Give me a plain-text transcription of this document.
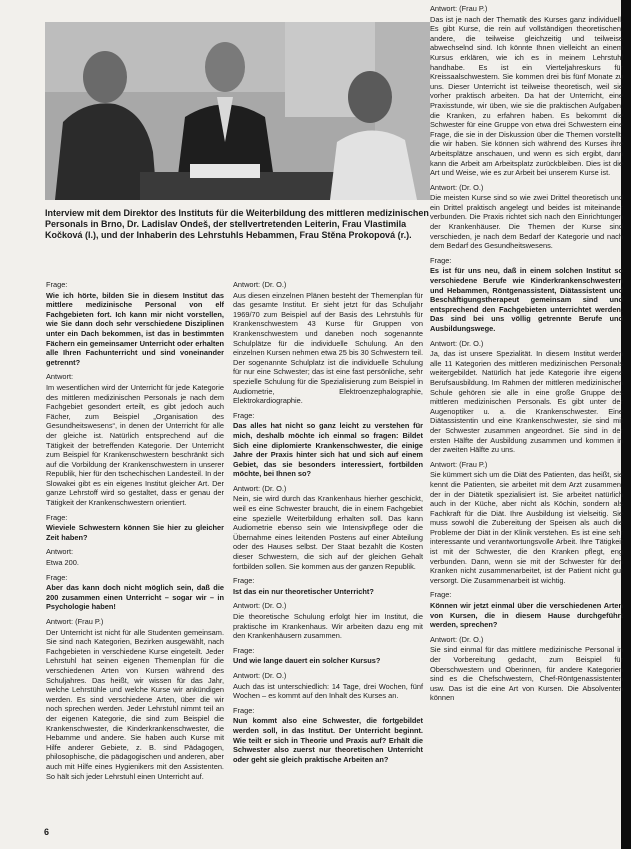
Interview mit dem Direktor des Instituts für die Weiterbildung des mittleren medizinischen Personals in Brno, Dr. Ladislav Ondeš, der stellvertretenden Leiterin, Frau Vlastimila Kočková (l.), und der Inhaberin des Lehrstuhls Hebammen, Frau Stěna Prokopová (r.).

Frage:
Wie ich hörte, bilden Sie in diesem Institut das mittlere medizinische Personal von elf Fachgebieten fort. Ich kann mir nicht vorstellen, wie Sie dann doch sehr verschiedene Disziplinen unter ein Dach bekommen, ist das in bestimmten Fächern ein gemeinsamer Unterricht oder erhalten alle Ihren Fachunterricht und sind voneinander getrennt?
Antwort:
Im wesentlichen wird der Unterricht für jede Kategorie des mittleren medizinischen Personals je nach dem Fachgebiet gesondert erteilt, es gibt jedoch auch Fächer, zum Beispiel „Organisation des Gesundheitswesens“, in denen der Unterricht für alle der gleiche ist. Natürlich entsprechend auf die Tätigkeit der betreffenden Kategorie. Der Unterricht zum Beispiel für Krankenschwestern beschränkt sich auf die Vorbildung der Krankenschwestern in unserer Republik, hier für den tschechischen Landesteil. In der Slowakei gibt es ein eigenes Institut gleicher Art. Der ganze Lehrstoff wird so gestaltet, dass er genau der Tätigkeit der Krankenschwestern orientiert.
Frage:
Wieviele Schwestern können Sie hier zu gleicher Zeit haben?
Antwort:
Etwa 200.
Frage:
Aber das kann doch nicht möglich sein, daß die 200 zusammen einen Unterricht – sogar wir – in Psychologie haben!
Antwort: (Frau P.)
Der Unterricht ist nicht für alle Studenten gemeinsam. Sie sind nach Kategorien, Bezirken ausgewählt, nach Fachgebieten in verschiedene Kurse eingeteilt. Jeder Lehrstuhl hat seinen eigenen Themenplan für die verschiedenen Arten von Kursen während des Schuljahres. Das heißt, wir wissen für das Jahr, welche Lehrstühle und welche Kurse wir ankündigen werden. Es sind verschiedene Arten, über die wir noch sprechen werden. Jeder Lehrstuhl nimmt teil an der eigenen Kategorie, die sind zum Beispiel die Krankenschwester, die Kinderkrankenschwester, die Hebamme und andere. Sie haben auch Kurse mit Hilfe anderer Gebiete, z. B. sind Pädagogen, philosophische, die pädagogischen und anderen, aber auch mit Hilfe eines Hygienikers mit den Assistenten. So hält sich jeder Lehrstuhl einen Unterricht auf.
Antwort: (Dr. O.)
Aus diesen einzelnen Plänen besteht der Themenplan für das gesamte Institut. Er sieht jetzt für das Schuljahr 1969/70 zum Beispiel auf der Basis des Lehrstuhls für Krankenschwestern 43 Kurse für Gruppen von Krankenschwestern und daneben noch sogenannte Schulplätze für die individuelle Schulung. An den einzelnen Kursen nehmen etwa 25 bis 30 Schwestern teil. Der sogenannte Schulplatz ist die individuelle Schulung für nur eine Schwester; das ist eine fast persönliche, sehr spezielle Schulung für die Spezialisierung zum Beispiel in Audiometrie, Elektroenzephalographie, Elektrokardiographie.
Frage:
Das alles hat nicht so ganz leicht zu verstehen für mich, deshalb möchte ich einmal so fragen: Bildet Sich eine diplomierte Krankenschwester, die einige Jahre der Praxis hinter sich hat und sich auf einem Gebiet, das sie besonders interessiert, fortbilden möchte, bei Ihnen so?
Antwort: (Dr. O.)
Nein, sie wird durch das Krankenhaus hierher geschickt, weil es eine Schwester braucht, die in einem Fachgebiet eine spezielle Weiterbildung erhalten soll. Das kann Audiometrie ebenso sein wie Intensivpflege oder die Übernahme eines leitenden Postens auf einer Abteilung oder des Hauses selbst. Der Staat bezahlt die Kosten dieser Schwestern, die sich auf der gleichen Gehalt fortbilden sollen. Sie kommen aus der ganzen Republik.
Frage:
Ist das ein nur theoretischer Unterricht?
Antwort: (Dr. O.)
Die theoretische Schulung erfolgt hier im Institut, die praktische im Krankenhaus. Wir arbeiten dazu eng mit den Krankenhäusern zusammen.
Frage:
Und wie lange dauert ein solcher Kursus?
Antwort: (Dr. O.)
Auch das ist unterschiedlich: 14 Tage, drei Wochen, fünf Wochen – es kommt auf den Inhalt des Kurses an.
Frage:
Nun kommt also eine Schwester, die fortgebildet werden soll, in das Institut. Der Unterricht beginnt. Wie teilt er sich in Theorie und Praxis auf? Erhält die Schwester also zuerst nur theoretischen Unterricht oder geht sie gleich praktische Arbeiten an?
Antwort: (Frau P.)
Das ist je nach der Thematik des Kurses ganz individuell. Es gibt Kurse, die rein auf vollständigen theoretischen, andere, die teilweise gleichzeitig und teilweise abwechselnd sind. Ich könnte Ihnen vielleicht an einem Kursus erklären, wie ich es in meinem Lehrstuhl handhabe. Es ist ein Vierteljahreskurs für Kreissaalschwestern. Sie kommen drei bis fünf Monate zu uns. Dieser Unterricht ist teilweise theoretisch, weil sie vorher praktisch arbeiten. Da hat der Unterricht, eine Praxisstunde, wir üben, wie sie die praktischen Aufgaben, die Kranken, zu erfahren haben. Es bekommt die Schwester für eine Gruppe von etwa drei Schwestern eine Frage, die sie in der Diskussion über die Themen vorstellt, die wir haben. Sie können sich während des Kurses ihre Arbeitsplätze anschauen, und wenn es sich ergibt, dann kann die Arbeit am Arbeitsplatz zurückbleiben. Dies ist die Art und Weise, wie es zur Arbeit bei unserem Kurse ist.
Antwort: (Dr. O.)
Die meisten Kurse sind so wie zwei Drittel theoretisch und ein Drittel praktisch angelegt und beides ist miteinander verbunden. Die Praxis richtet sich nach den Einrichtungen der Krankenhäuser. Die Themen der Kurse sind verschieden, je nach dem Bedarf der Kategorie und nach dem Bedarf des Gesundheitswesens.
Frage:
Es ist für uns neu, daß in einem solchen Institut so verschiedene Berufe wie Kinderkrankenschwestern und Hebammen, Röntgenassistent, Diätassistent und Beschäftigungstherapeut gemeinsam sind und entsprechend den Fachgebieten unterrichtet werden. Das sind bei uns völlig getrennte Berufe und Ausbildungswege.
Antwort: (Dr. O.)
Ja, das ist unsere Spezialität. In diesem Institut werden alle 11 Kategorien des mittleren medizinischen Personals weitergebildet. Natürlich hat jede Kategorie ihre eigene Berufsausbildung. Im Rahmen der mittleren medizinischen Schule gehören sie alle in eine große Gruppe des mittleren medizinischen Personals. Es gibt unter der Augenoptiker u. a. die Krankenschwester. Eine Diätassistentin und eine Krankenschwester, sie sind mit der Schwester zusammen angeordnet. Sie sind in der ersten Hälfte der Ausbildung zusammen und kommen in der zweiten Hälfte zu uns.
Antwort: (Frau P.)
Sie kümmert sich um die Diät des Patienten, das heißt, sie kennt die Patienten, sie arbeitet mit dem Arzt zusammen, der in der Diätetik spezialisiert ist. Sie arbeitet natürlich auch in der Küche, aber nicht als Köchin, sondern als Fachkraft für die Diät. Ihre Ausbildung ist vielseitig. Sie muss sowohl die Zubereitung der Speisen als auch die Probleme der Diät in der Klinik verstehen. Es ist eine sehr interessante und verantwortungsvolle Arbeit. Ihre Tätigkeit ist mit der Schwester, die den Kranken pflegt, eng verbunden. Dann, wenn sie mit der Schwester für den Kranken nicht zusammenarbeitet, ist der Patient nicht gut versorgt. Die Zusammenarbeit ist wichtig.
Frage:
Können wir jetzt einmal über die verschiedenen Arten von Kursen, die in diesem Hause durchgeführt werden, sprechen?
Antwort: (Dr. O.)
Sie sind einmal für das mittlere medizinische Personal in der Vorbereitung gedacht, zum Beispiel für Oberschwestern und Oberinnen, für andere Kategorien sind es die Chefschwestern, Chef-Röntgenassistenten usw. Das ist die eine Art von Kursen. Die Absolventen können
6
